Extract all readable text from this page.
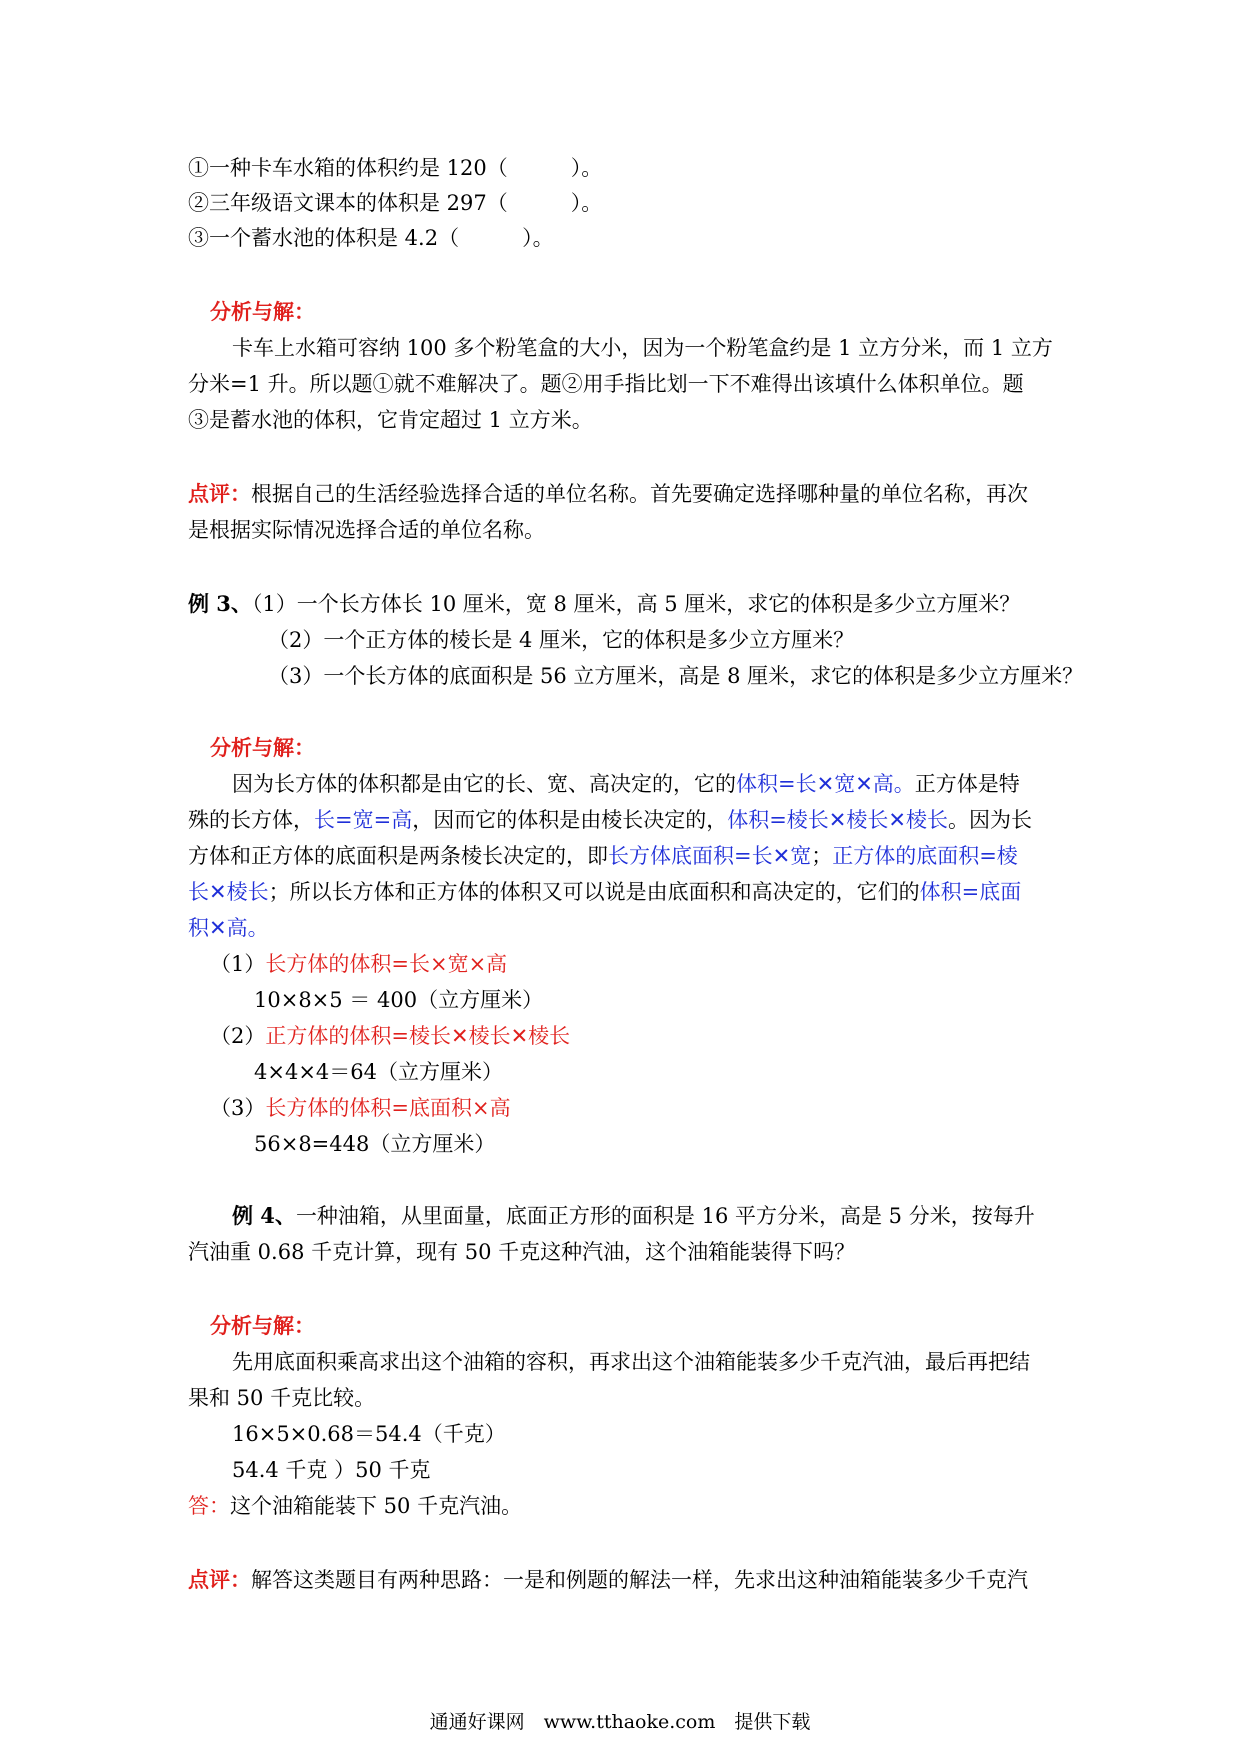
①一种卡车水箱的体积约是 120（　　　）。
②三年级语文课本的体积是 297（　　　）。
③一个蓄水池的体积是 4.2（　　　）。
分析与解：
卡车上水箱可容纳 100 多个粉笔盒的大小，因为一个粉笔盒约是 1 立方分米，而 1 立方
分米=1 升。所以题①就不难解决了。题②用手指比划一下不难得出该填什么体积单位。题
③是蓄水池的体积，它肯定超过 1 立方米。
点评：根据自己的生活经验选择合适的单位名称。首先要确定选择哪种量的单位名称，再次
是根据实际情况选择合适的单位名称。
例 3、（1）一个长方体长 10 厘米，宽 8 厘米，高 5 厘米，求它的体积是多少立方厘米？
（2）一个正方体的棱长是 4 厘米，它的体积是多少立方厘米？
（3）一个长方体的底面积是 56 立方厘米，高是 8 厘米，求它的体积是多少立方厘米？
分析与解：
因为长方体的体积都是由它的长、宽、高决定的，它的体积=长✕宽✕高。正方体是特
殊的长方体，长=宽=高，因而它的体积是由棱长决定的，体积=棱长✕棱长✕棱长。因为长
方体和正方体的底面积是两条棱长决定的，即长方体底面积=长✕宽；正方体的底面积=棱
长✕棱长；所以长方体和正方体的体积又可以说是由底面积和高决定的，它们的体积=底面
积✕高。
（1）长方体的体积=长×宽×高
10×8×5 ＝ 400（立方厘米）
（2）正方体的体积=棱长✕棱长✕棱长
4×4×4＝64（立方厘米）
（3）长方体的体积=底面积×高
56×8=448（立方厘米）
例 4、一种油箱，从里面量，底面正方形的面积是 16 平方分米，高是 5 分米，按每升
汽油重 0.68 千克计算，现有 50 千克这种汽油，这个油箱能装得下吗？
分析与解：
先用底面积乘高求出这个油箱的容积，再求出这个油箱能装多少千克汽油，最后再把结
果和 50 千克比较。
16×5×0.68＝54.4（千克）
54.4 千克 ）50 千克
答：这个油箱能装下 50 千克汽油。
点评：解答这类题目有两种思路：一是和例题的解法一样，先求出这种油箱能装多少千克汽
通通好课网　www.tthaoke.com　提供下载
